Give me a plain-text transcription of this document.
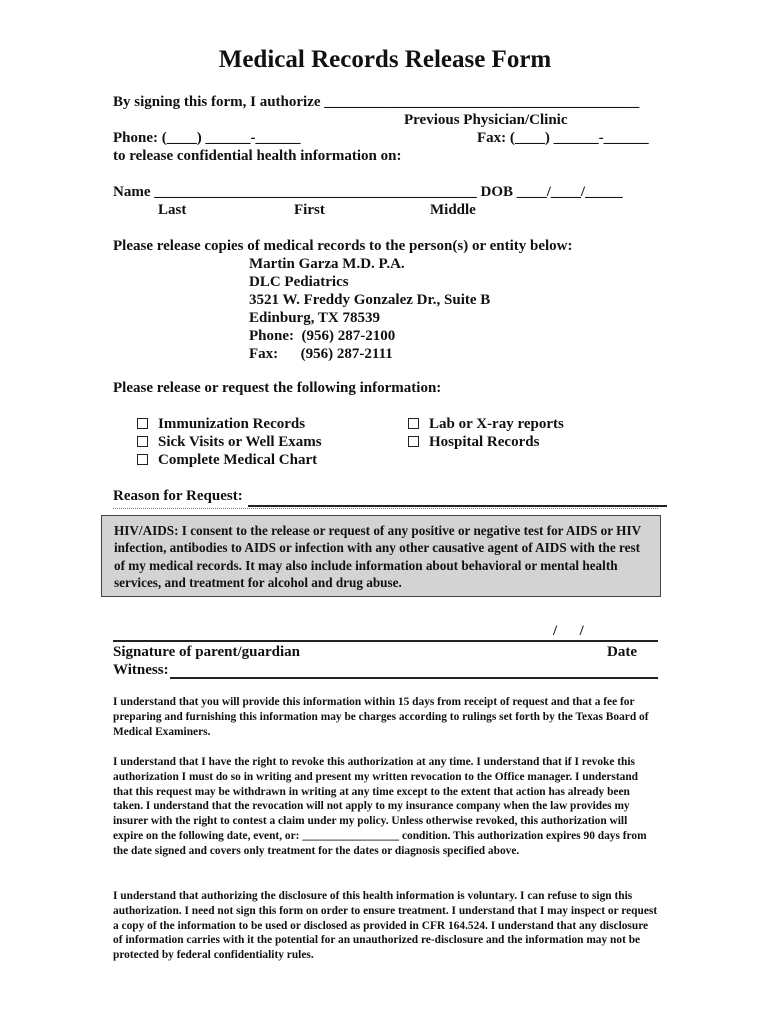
Medical Records Release Form
By signing this form, I authorize __________________________________________
Previous Physician/Clinic
Phone: (____) ______-______	Fax: (____) ______-______
to release confidential health information on:
Name ___________________________________________ DOB ____/____/_____
Last	First	Middle
Please release copies of medical records to the person(s) or entity below:
Martin Garza M.D. P.A.
DLC Pediatrics
3521 W. Freddy Gonzalez Dr., Suite B
Edinburg, TX 78539
Phone:  (956) 287-2100
Fax:      (956) 287-2111
Please release or request the following information:
Immunization Records
Sick Visits or Well Exams
Complete Medical Chart
Lab or X-ray reports
Hospital Records
Reason for Request:
HIV/AIDS: I consent to the release or request of any positive or negative test for AIDS or HIV infection, antibodies to AIDS or infection with any other causative agent of AIDS with the rest of my medical records. It may also include information about behavioral or mental health services, and treatment for alcohol and drug abuse.
/      /
Signature of parent/guardian	Date
Witness:
I understand that you will provide this information within 15 days from receipt of request and that a fee for preparing and furnishing this information may be charges according to rulings set forth by the Texas Board of Medical Examiners.
I understand that I have the right to revoke this authorization at any time. I understand that if I revoke this authorization I must do so in writing and present my written revocation to the Office manager. I understand that this request may be withdrawn in writing at any time except to the extent that action has already been taken. I understand that the revocation will not apply to my insurance company when the law provides my insurer with the right to contest a claim under my policy. Unless otherwise revoked, this authorization will expire on the following date, event, or: _________________ condition. This authorization expires 90 days from the date signed and covers only treatment for the dates or diagnosis specified above.
I understand that authorizing the disclosure of this health information is voluntary. I can refuse to sign this authorization. I need not sign this form on order to ensure treatment. I understand that I may inspect or request a copy of the information to be used or disclosed as provided in CFR 164.524. I understand that any disclosure of information carries with it the potential for an unauthorized re-disclosure and the information may not be protected by federal confidentiality rules.
